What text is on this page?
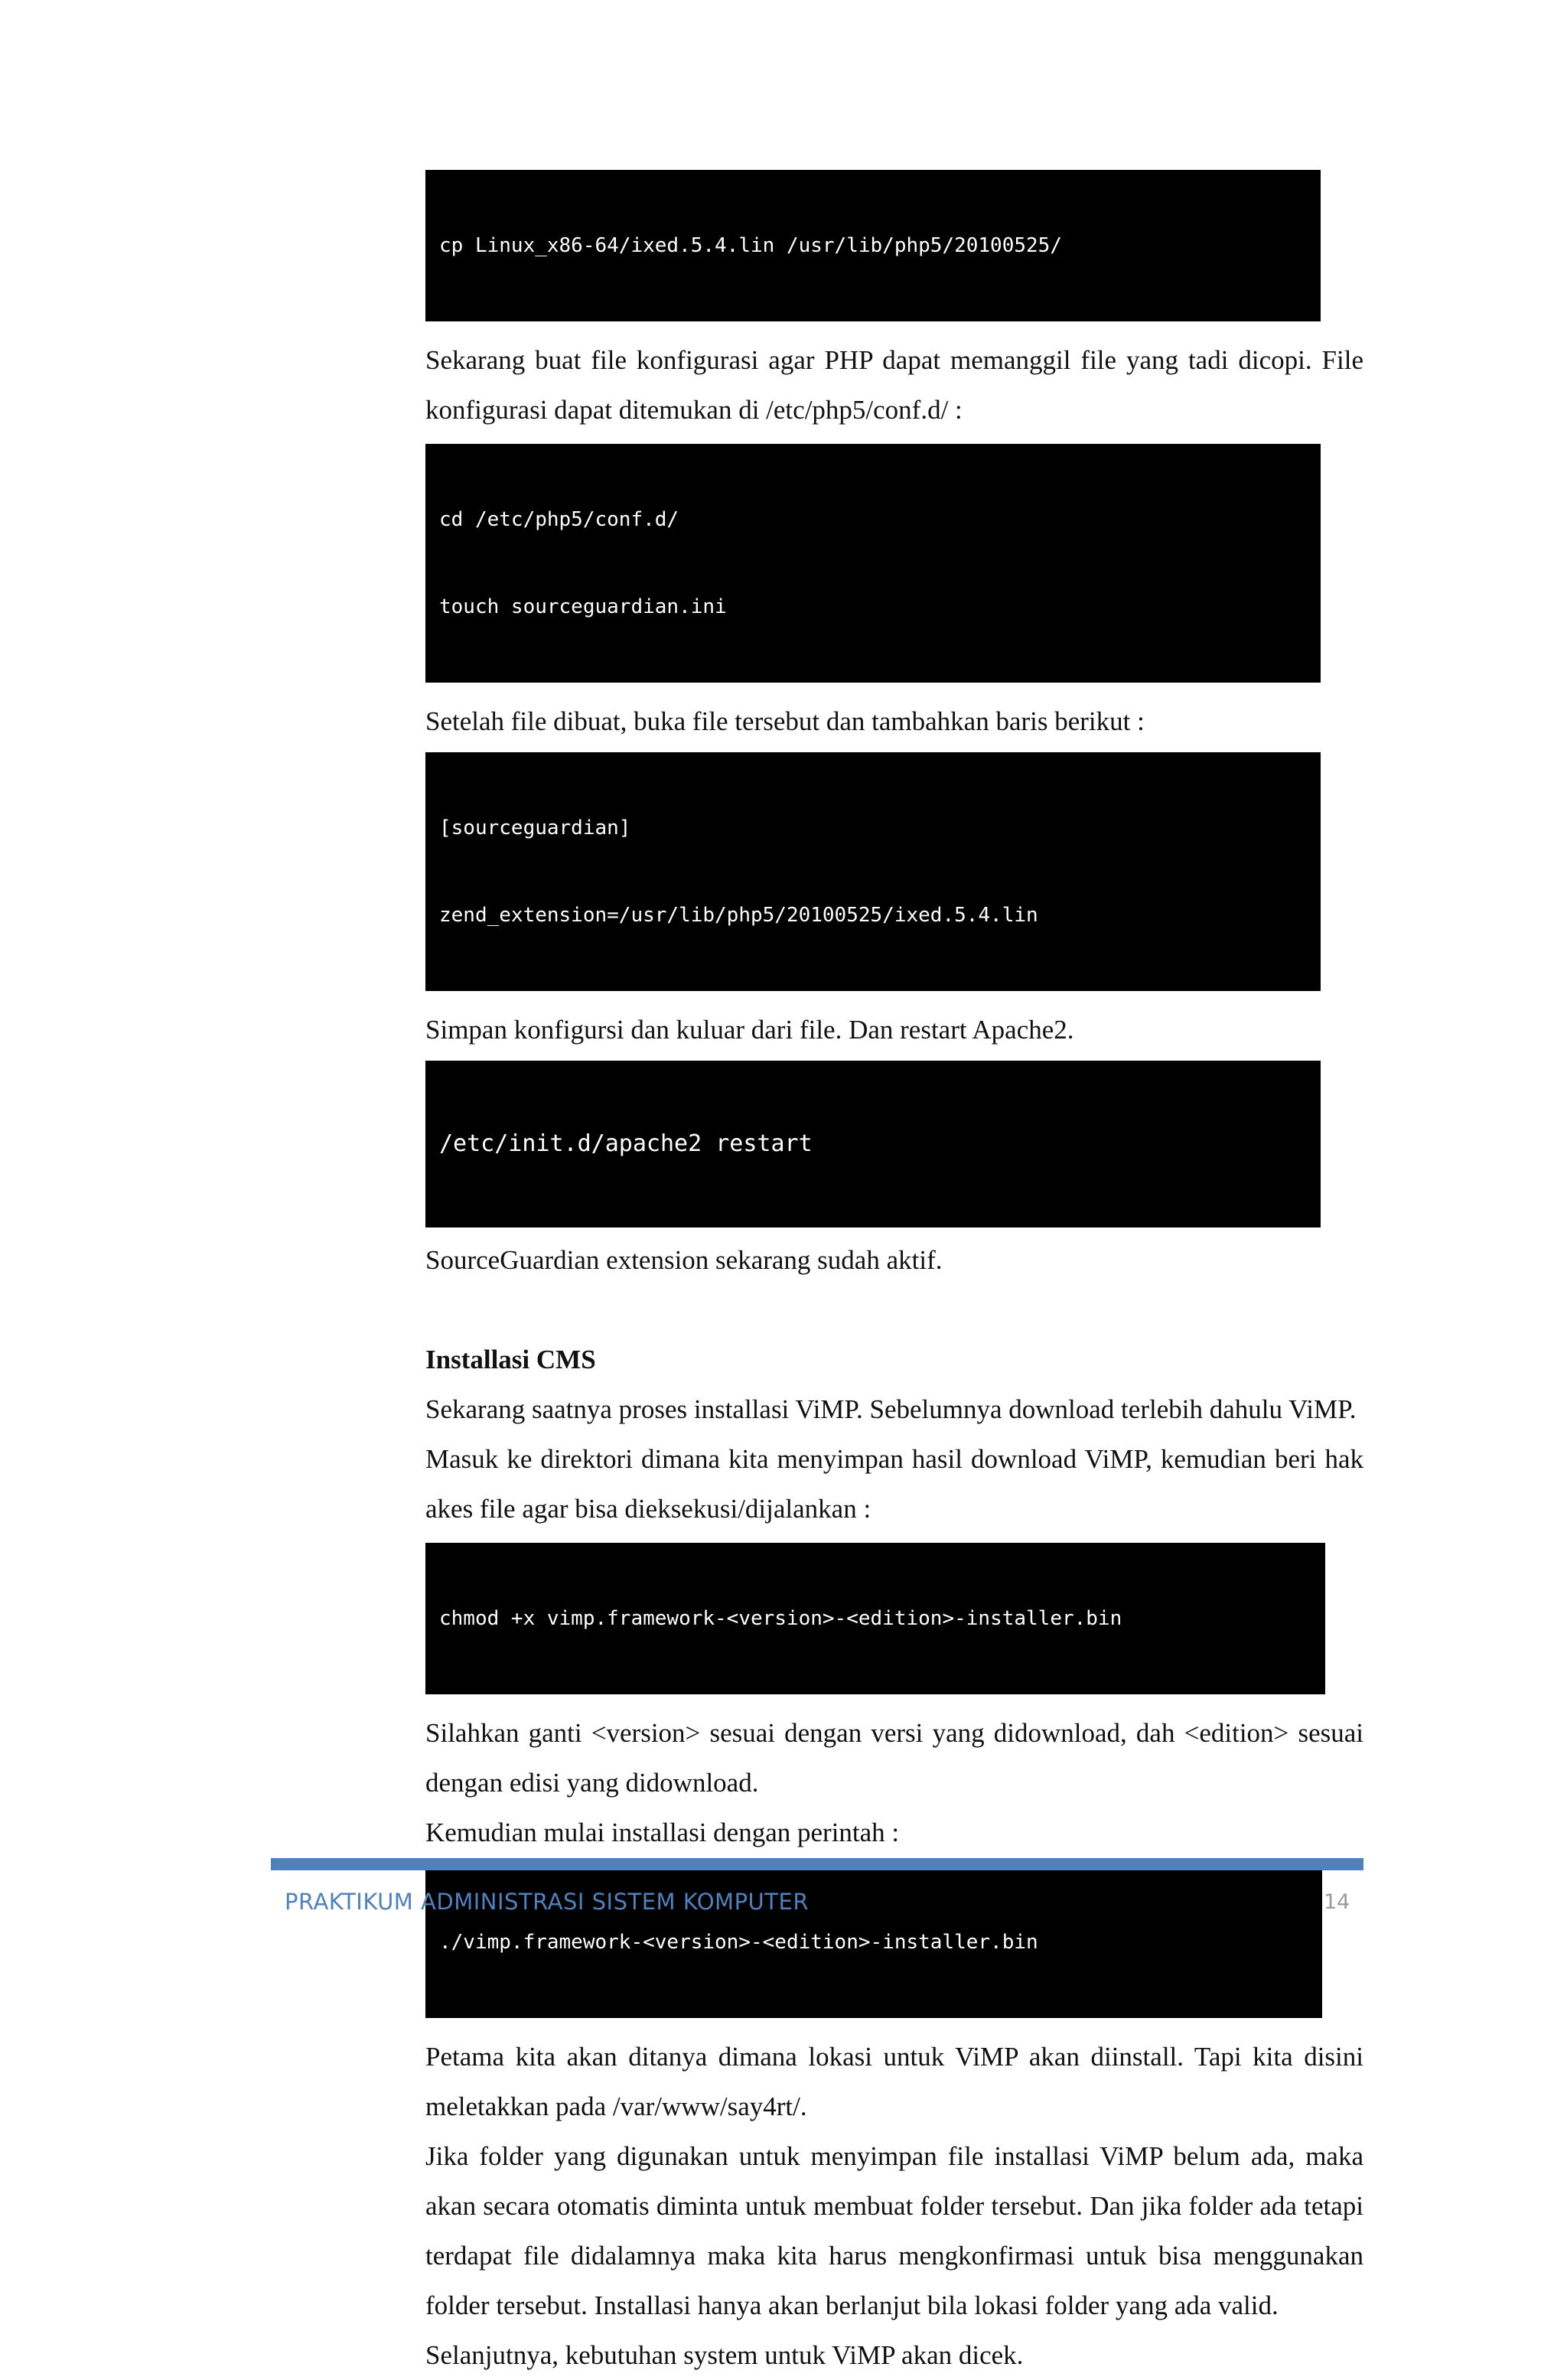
cp Linux_x86-64/ixed.5.4.lin /usr/lib/php5/20100525/

Sekarang buat file konfigurasi agar PHP dapat memanggil file yang tadi dicopi. File konfigurasi dapat ditemukan di /etc/php5/conf.d/ :

cd /etc/php5/conf.d/

touch sourceguardian.ini

Setelah file dibuat, buka file tersebut dan tambahkan baris berikut :

[sourceguardian]

zend_extension=/usr/lib/php5/20100525/ixed.5.4.lin

Simpan konfigursi dan kuluar dari file. Dan restart Apache2.

/etc/init.d/apache2 restart

SourceGuardian extension sekarang sudah aktif.

Installasi CMS

Sekarang saatnya proses installasi ViMP. Sebelumnya download terlebih dahulu ViMP.

Masuk ke direktori dimana kita menyimpan hasil download ViMP, kemudian beri hak akes file agar bisa dieksekusi/dijalankan :

chmod +x vimp.framework-<version>-<edition>-installer.bin

Silahkan ganti <version> sesuai dengan versi yang didownload, dah <edition> sesuai dengan edisi yang didownload.

Kemudian mulai installasi dengan perintah :

./vimp.framework-<version>-<edition>-installer.bin

Petama kita akan ditanya dimana lokasi untuk ViMP akan diinstall. Tapi kita disini meletakkan pada /var/www/say4rt/.

Jika folder yang digunakan untuk menyimpan file installasi ViMP belum ada, maka akan secara otomatis diminta untuk membuat folder tersebut. Dan jika folder ada tetapi terdapat file didalamnya maka kita harus mengkonfirmasi untuk bisa menggunakan folder tersebut. Installasi hanya akan berlanjut bila lokasi folder yang ada valid.

Selanjutnya, kebutuhan system untuk ViMP akan dicek.

PRAKTIKUM ADMINISTRASI SISTEM KOMPUTER	14
